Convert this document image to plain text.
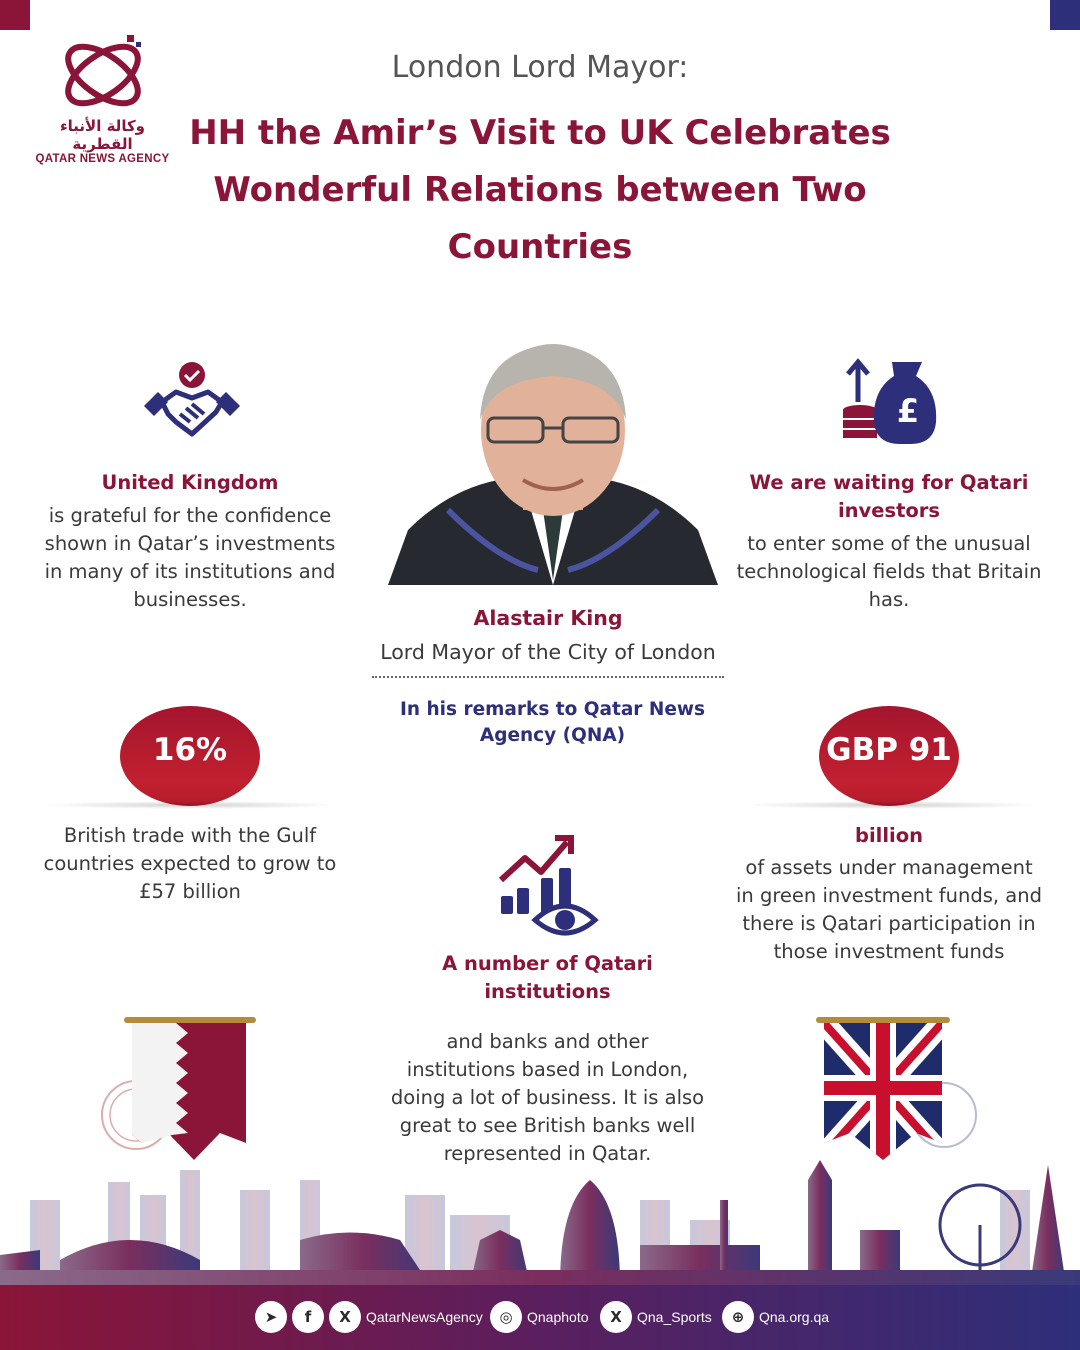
وكالة الأنباء القطرية
QATAR NEWS AGENCY
London Lord Mayor:
HH the Amir’s Visit to UK Celebrates Wonderful Relations between Two Countries
United Kingdom
is grateful for the confidence shown in Qatar’s investments in many of its institutions and businesses.
£
We are waiting for Qatari investors
to enter some of the unusual technological fields that Britain has.
Alastair King
Lord Mayor of the City of London
In his remarks to Qatar News Agency (QNA)
16%
British trade with the Gulf countries expected to grow to £57 billion
GBP 91
billion
of assets under management in green investment funds, and there is Qatari participation in those investment funds
A number of Qatari institutions
and banks and other institutions based in London, doing a lot of business. It is also great to see British banks well represented in Qatar.
➤	f	X	QatarNewsAgency	◎	Qnaphoto	X	Qna_Sports	⊕	Qna.org.qa
